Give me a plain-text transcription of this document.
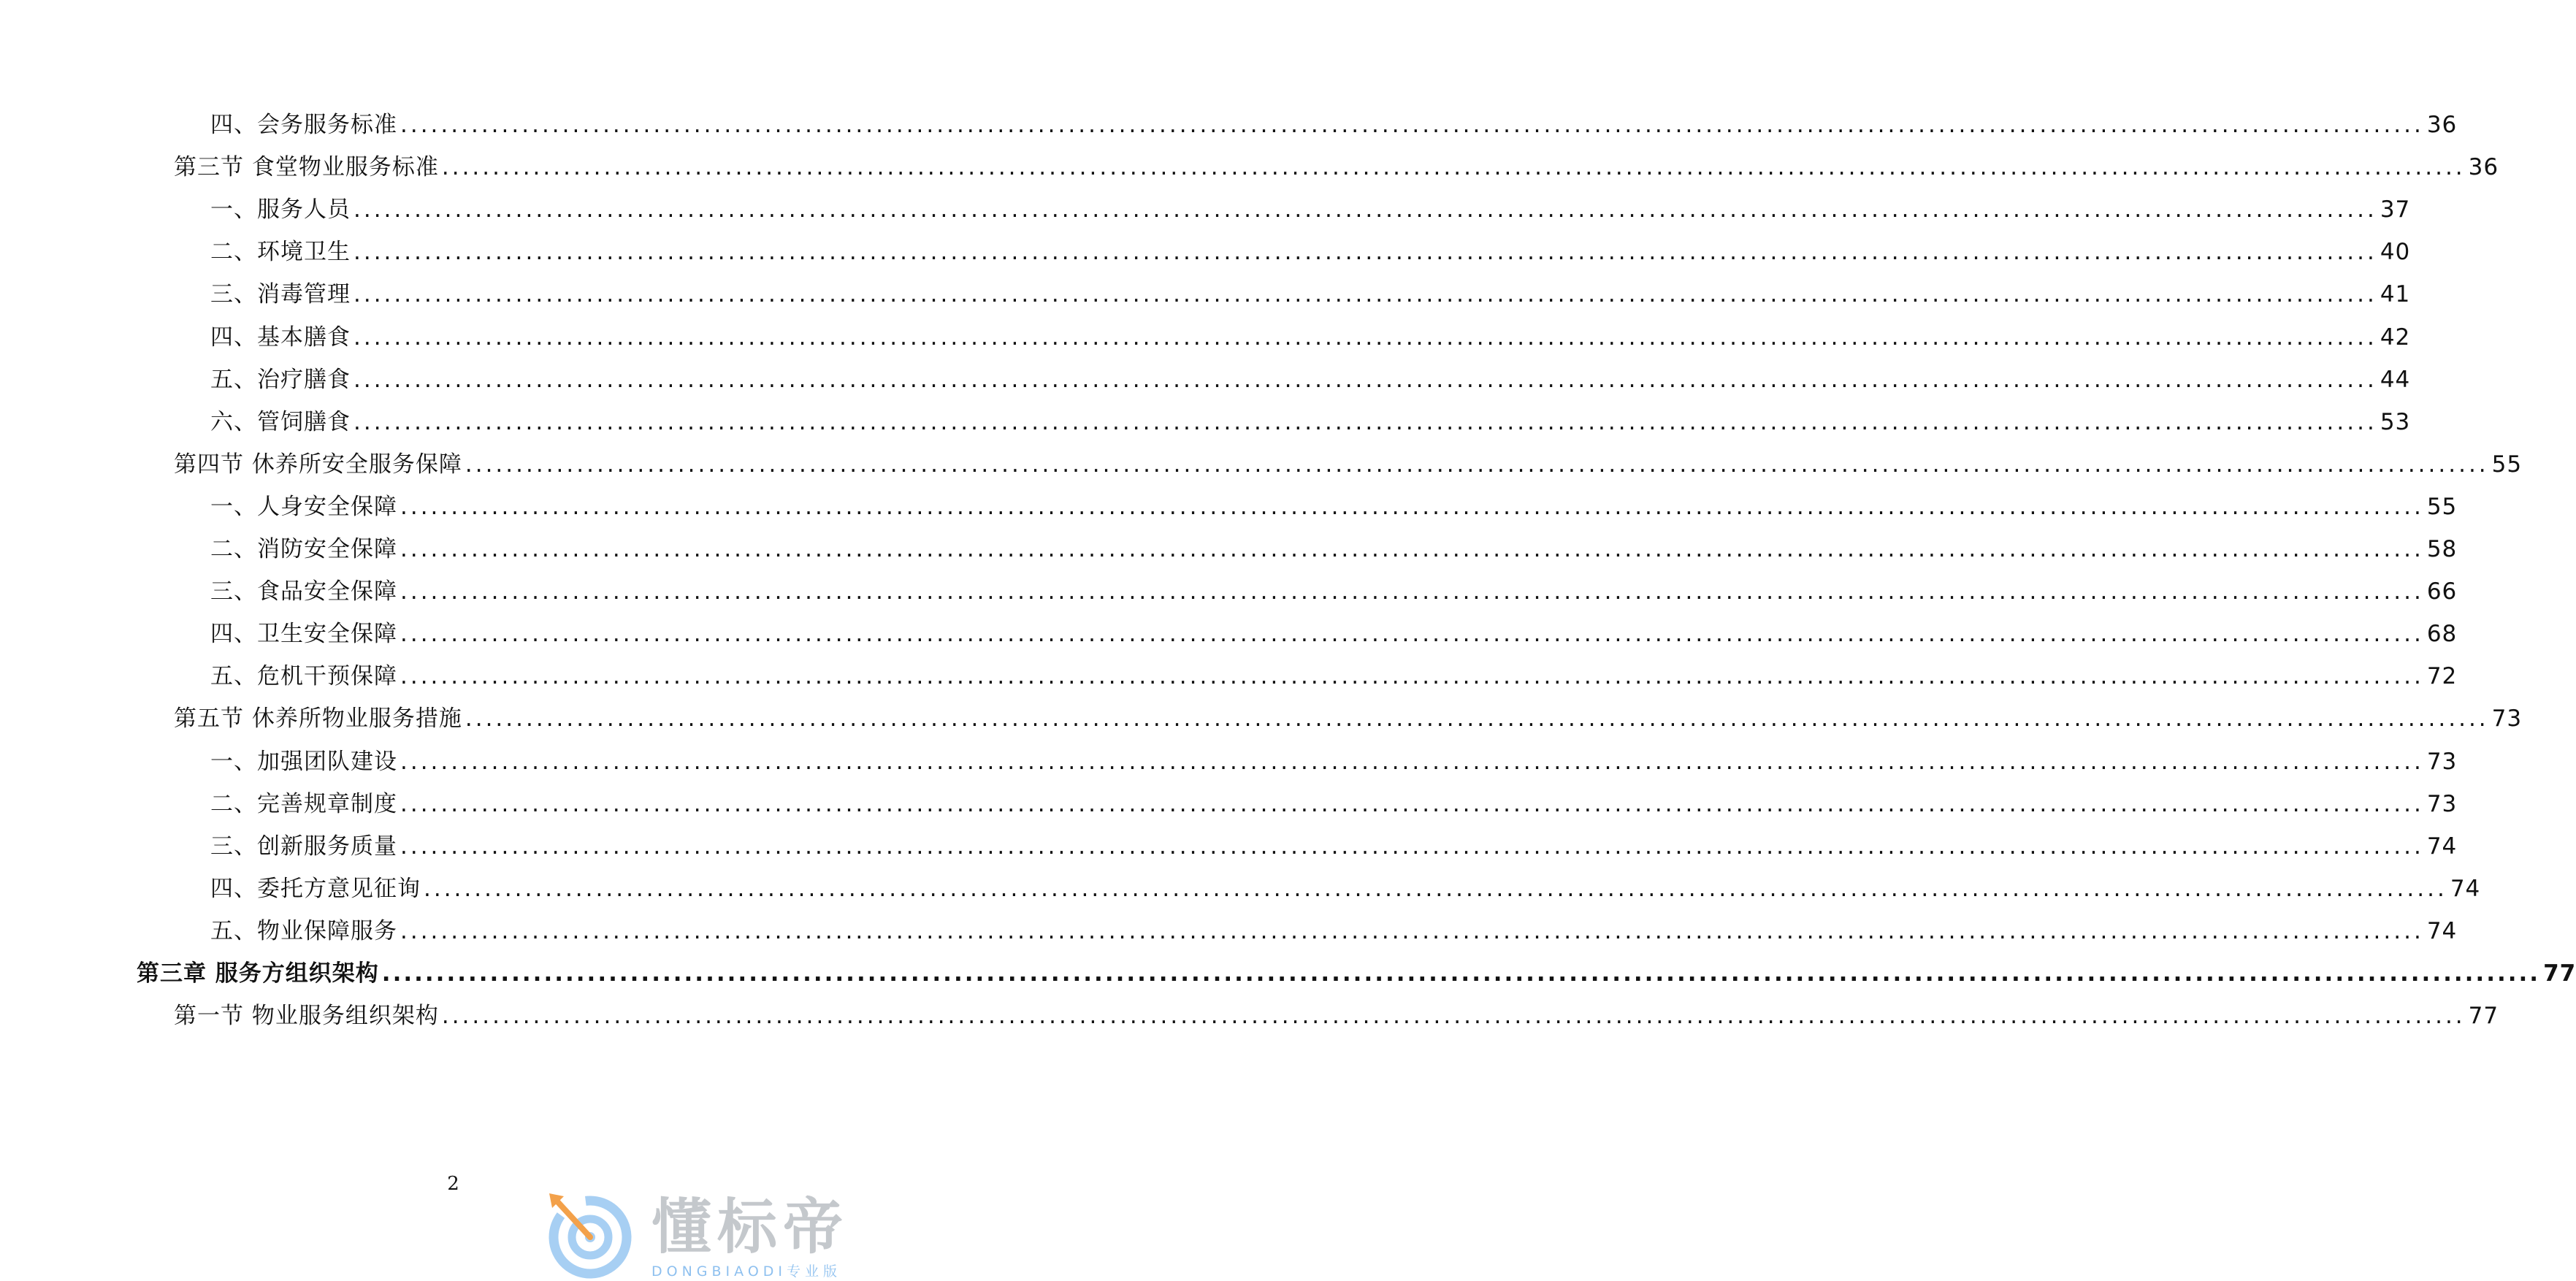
四、会务服务标准 ........................................................................................................................................................................................................ 36
第三节 食堂物业服务标准 ........................................................................................................................................................................................................ 36
一、服务人员 ........................................................................................................................................................................................................ 37
二、环境卫生 ........................................................................................................................................................................................................ 40
三、消毒管理 ........................................................................................................................................................................................................ 41
四、基本膳食 ........................................................................................................................................................................................................ 42
五、治疗膳食 ........................................................................................................................................................................................................ 44
六、管饲膳食 ........................................................................................................................................................................................................ 53
第四节 休养所安全服务保障 ........................................................................................................................................................................................................ 55
一、人身安全保障 ........................................................................................................................................................................................................ 55
二、消防安全保障 ........................................................................................................................................................................................................ 58
三、食品安全保障 ........................................................................................................................................................................................................ 66
四、卫生安全保障 ........................................................................................................................................................................................................ 68
五、危机干预保障 ........................................................................................................................................................................................................ 72
第五节 休养所物业服务措施 ........................................................................................................................................................................................................ 73
一、加强团队建设 ........................................................................................................................................................................................................ 73
二、完善规章制度 ........................................................................................................................................................................................................ 73
三、创新服务质量 ........................................................................................................................................................................................................ 74
四、委托方意见征询 ........................................................................................................................................................................................................ 74
五、物业保障服务 ........................................................................................................................................................................................................ 74
第三章 服务方组织架构 ........................................................................................................................................................................................................ 77
第一节 物业服务组织架构 ........................................................................................................................................................................................................ 77
2
懂标帝
DONGBIAODI专业版
